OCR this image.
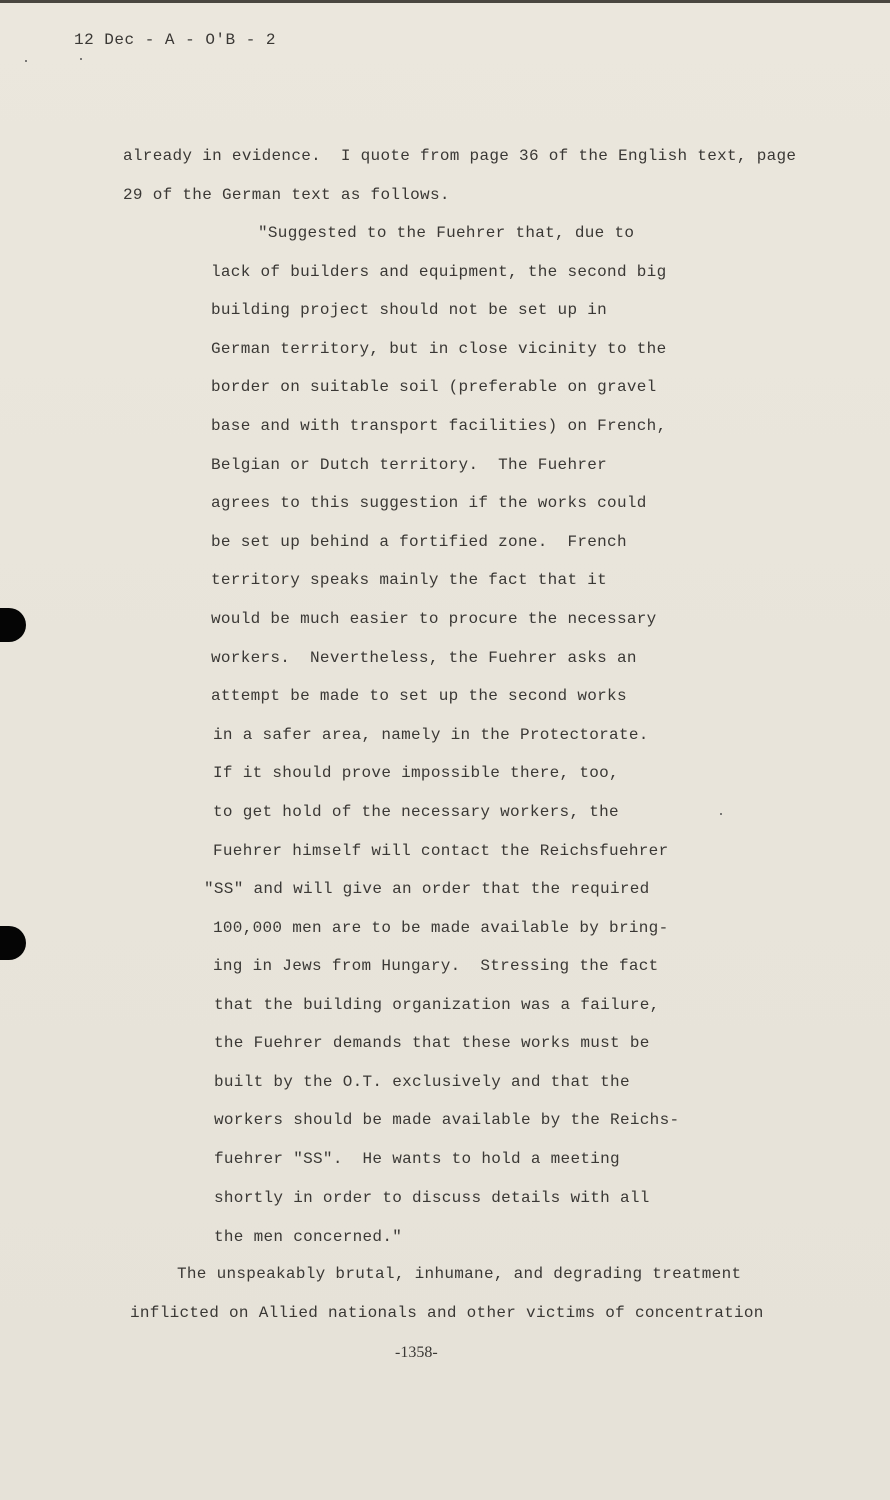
12 Dec - A - O'B - 2
already in evidence.  I quote from page 36 of the English text, page
29 of the German text as follows.
"Suggested to the Fuehrer that, due to
lack of builders and equipment, the second big
building project should not be set up in
German territory, but in close vicinity to the
border on suitable soil (preferable on gravel
base and with transport facilities) on French,
Belgian or Dutch territory.  The Fuehrer
agrees to this suggestion if the works could
be set up behind a fortified zone.  French
territory speaks mainly the fact that it
would be much easier to procure the necessary
workers.  Nevertheless, the Fuehrer asks an
attempt be made to set up the second works
in a safer area, namely in the Protectorate.
If it should prove impossible there, too,
to get hold of the necessary workers, the
Fuehrer himself will contact the Reichsfuehrer
"SS" and will give an order that the required
100,000 men are to be made available by bring-
ing in Jews from Hungary.  Stressing the fact
that the building organization was a failure,
the Fuehrer demands that these works must be
built by the O.T. exclusively and that the
workers should be made available by the Reichs-
fuehrer "SS".  He wants to hold a meeting
shortly in order to discuss details with all
the men concerned."
The unspeakably brutal, inhumane, and degrading treatment
inflicted on Allied nationals and other victims of concentration
-1358-
